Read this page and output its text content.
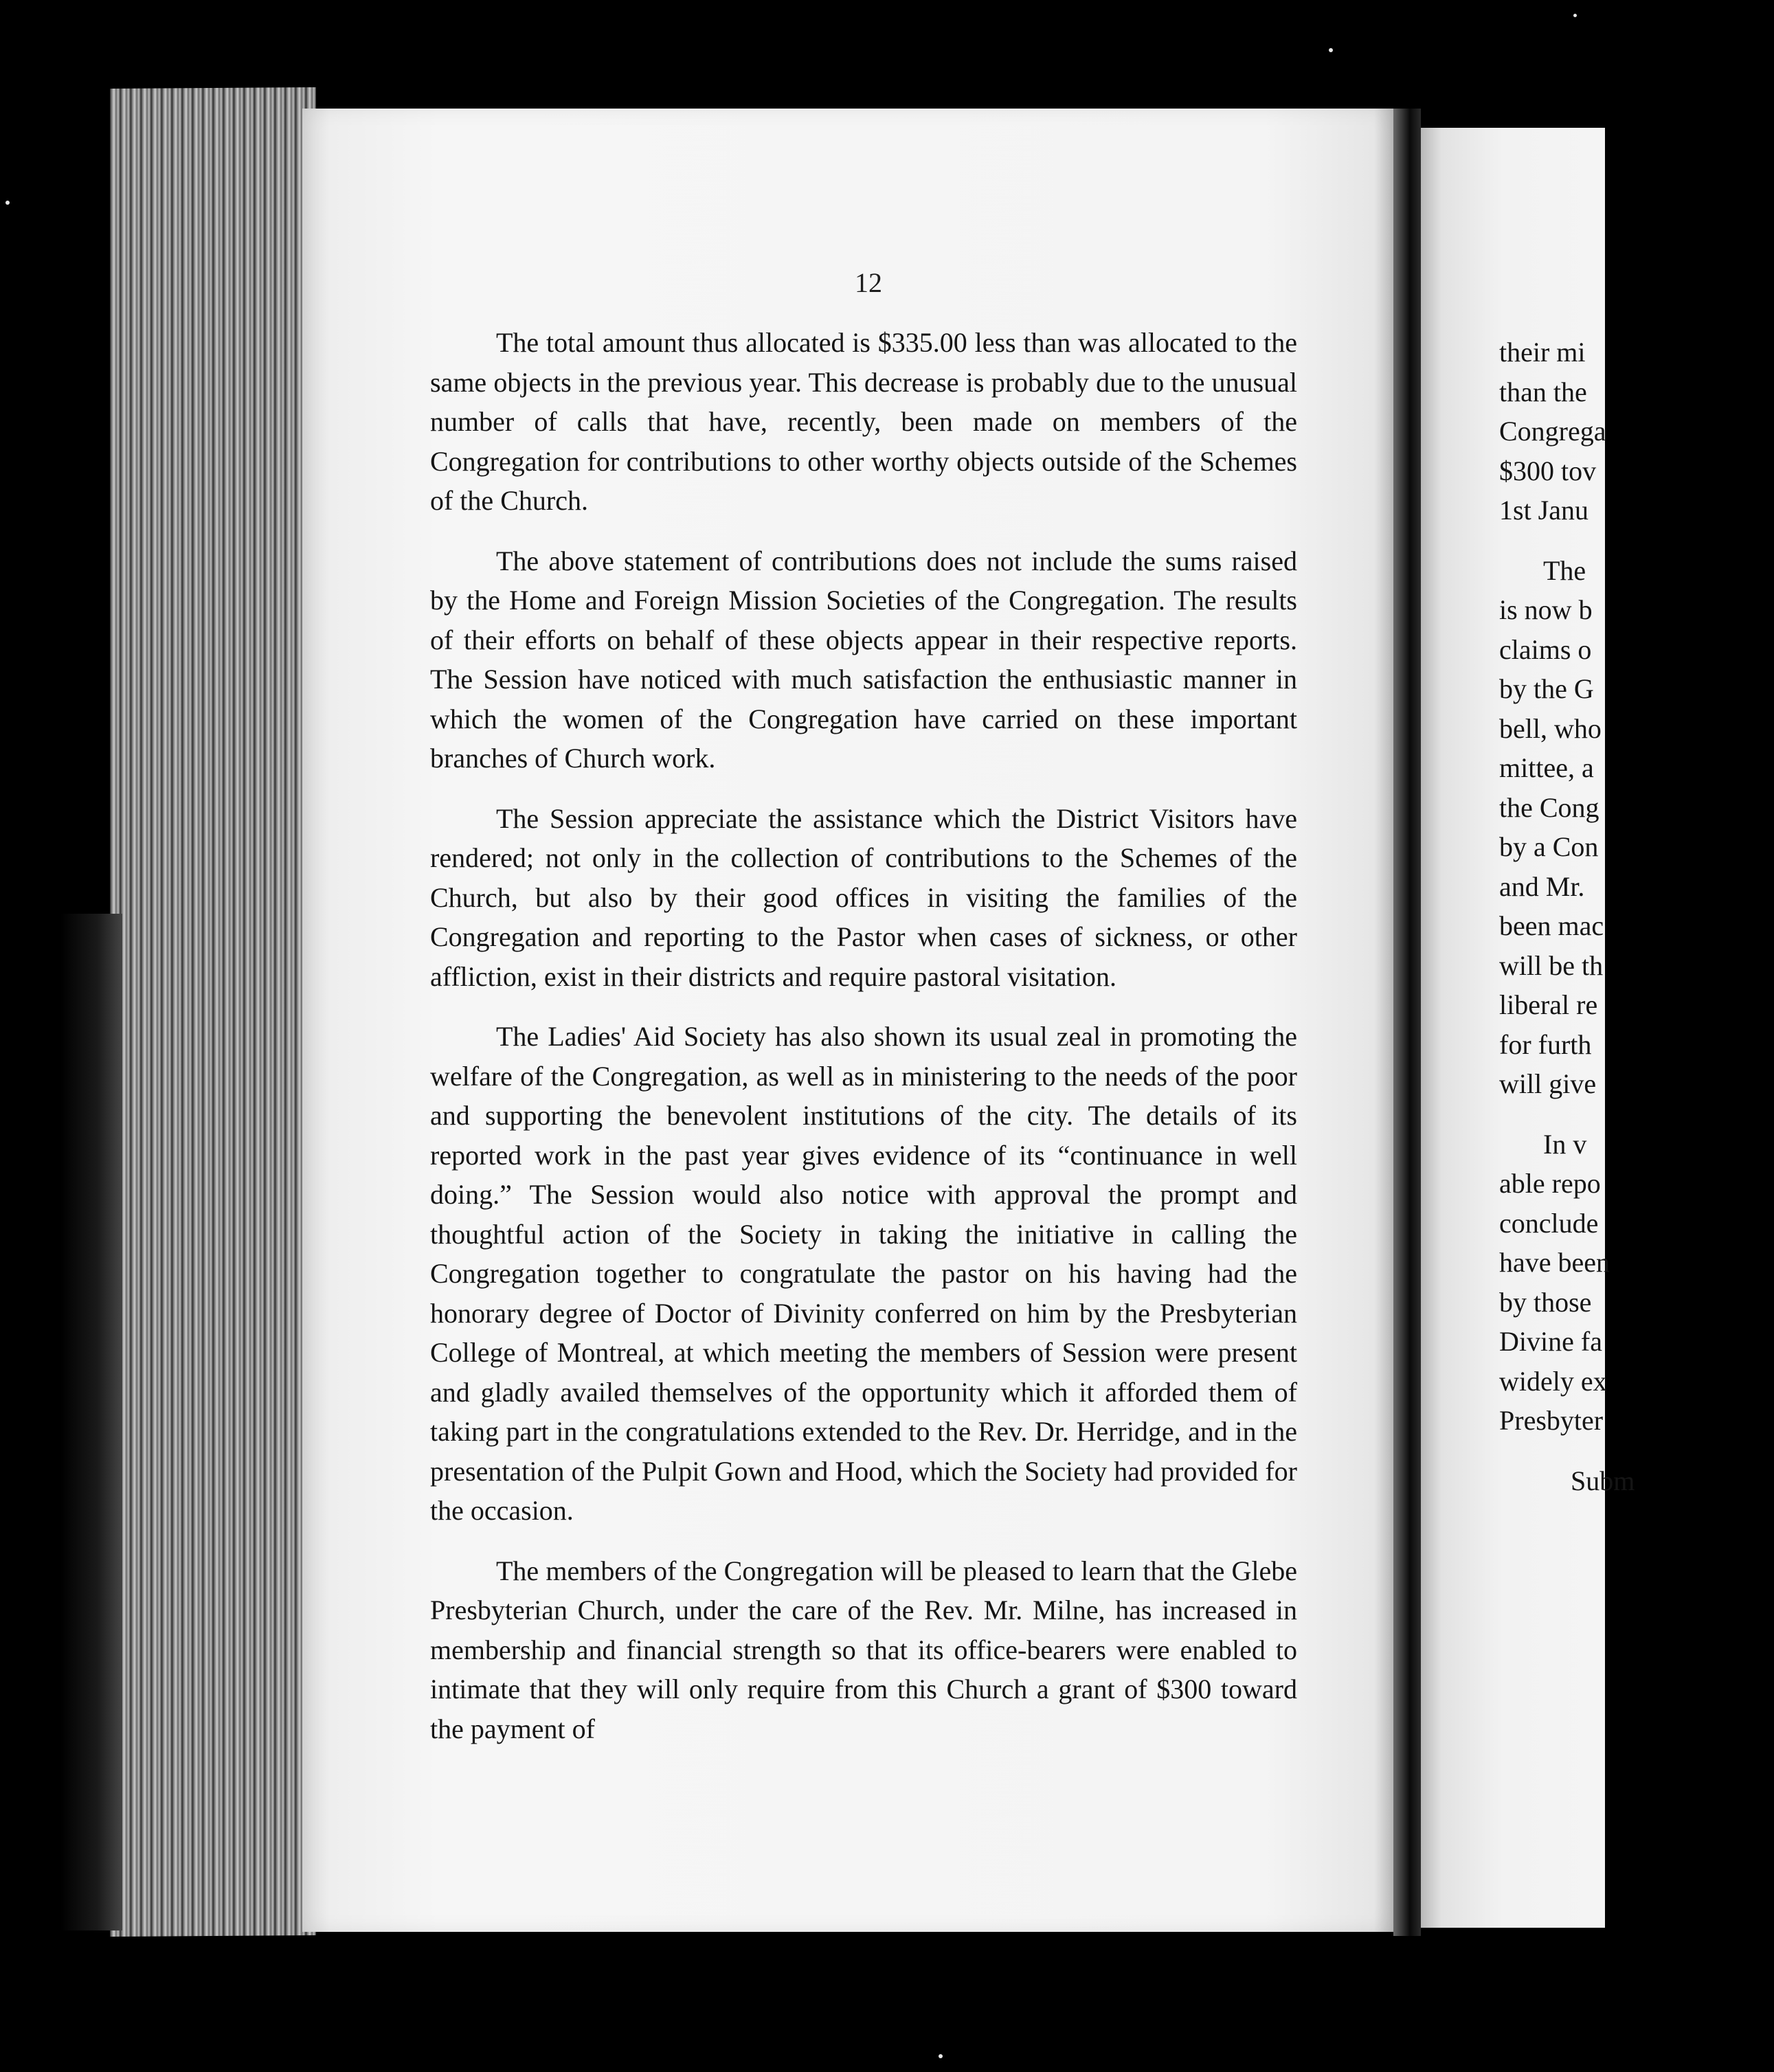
12

The total amount thus allocated is $335.00 less than was allocated to the same objects in the previous year. This decrease is probably due to the unusual number of calls that have, recently, been made on members of the Congregation for contributions to other worthy objects outside of the Schemes of the Church.

The above statement of contributions does not include the sums raised by the Home and Foreign Mission Societies of the Congregation. The results of their efforts on behalf of these objects appear in their respective reports. The Session have noticed with much satisfaction the enthusiastic manner in which the women of the Congregation have carried on these important branches of Church work.

The Session appreciate the assistance which the District Visitors have rendered; not only in the collection of contributions to the Schemes of the Church, but also by their good offices in visiting the families of the Congregation and reporting to the Pastor when cases of sickness, or other affliction, exist in their districts and require pastoral visitation.

The Ladies' Aid Society has also shown its usual zeal in promoting the welfare of the Congregation, as well as in ministering to the needs of the poor and supporting the benevolent institutions of the city. The details of its reported work in the past year gives evidence of its “continuance in well doing.” The Session would also notice with approval the prompt and thoughtful action of the Society in taking the initiative in calling the Congregation together to congratulate the pastor on his having had the honorary degree of Doctor of Divinity conferred on him by the Presbyterian College of Montreal, at which meeting the members of Session were present and gladly availed themselves of the opportunity which it afforded them of taking part in the congratulations extended to the Rev. Dr. Herridge, and in the presentation of the Pulpit Gown and Hood, which the Society had provided for the occasion.

The members of the Congregation will be pleased to learn that the Glebe Presbyterian Church, under the care of the Rev. Mr. Milne, has increased in membership and financial strength so that its office-bearers were enabled to intimate that they will only require from this Church a grant of $300 toward the payment of

their mi
than the
Congrega
$300 tov
1st Janu
The
is now b
claims o
by the G
bell, who
mittee, a
the Cong
by a Con
and Mr.
been mac
will be th
liberal re
for furth
will give
In v
able repo
conclude
have been
by those
Divine fa
widely ex
Presbyter
Subm
